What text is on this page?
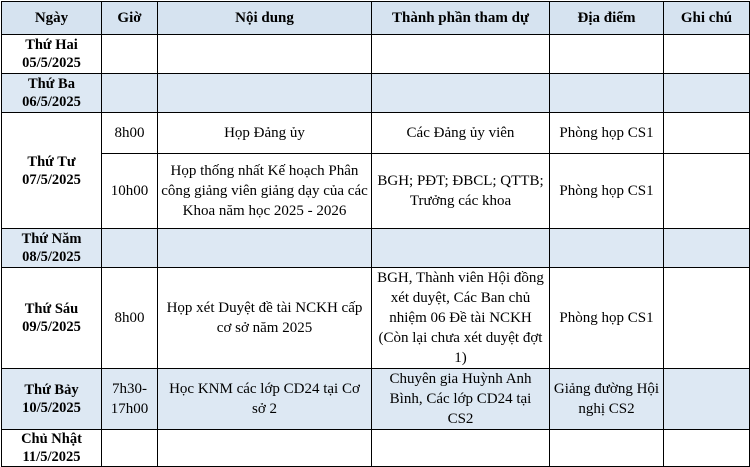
Ngày	Giờ	Nội dung	Thành phần tham dự	Địa điểm	Ghi chú

Thứ Hai
05/5/2025					

Thứ Ba
06/5/2025					

Thứ Tư
07/5/2025	8h00	Họp Đảng ủy	Các Đảng ủy viên	Phòng họp CS1	
	10h00	Họp thống nhất Kế hoạch Phân công giảng viên giảng dạy của các Khoa năm học 2025 - 2026	BGH; PĐT; ĐBCL; QTTB; Trưởng các khoa	Phòng họp CS1	

Thứ Năm
08/5/2025					

Thứ Sáu
09/5/2025	8h00	Họp xét Duyệt đề tài NCKH cấp cơ sở năm 2025	BGH, Thành viên Hội đồng xét duyệt, Các Ban chủ nhiệm 06 Đề tài NCKH (Còn lại chưa xét duyệt đợt 1)	Phòng họp CS1	

Thứ Bảy
10/5/2025	7h30-17h00	Học KNM các lớp CD24 tại Cơ sở 2	Chuyên gia Huỳnh Anh Bình, Các lớp CD24 tại CS2	Giảng đường Hội nghị CS2	

Chủ Nhật
11/5/2025					
